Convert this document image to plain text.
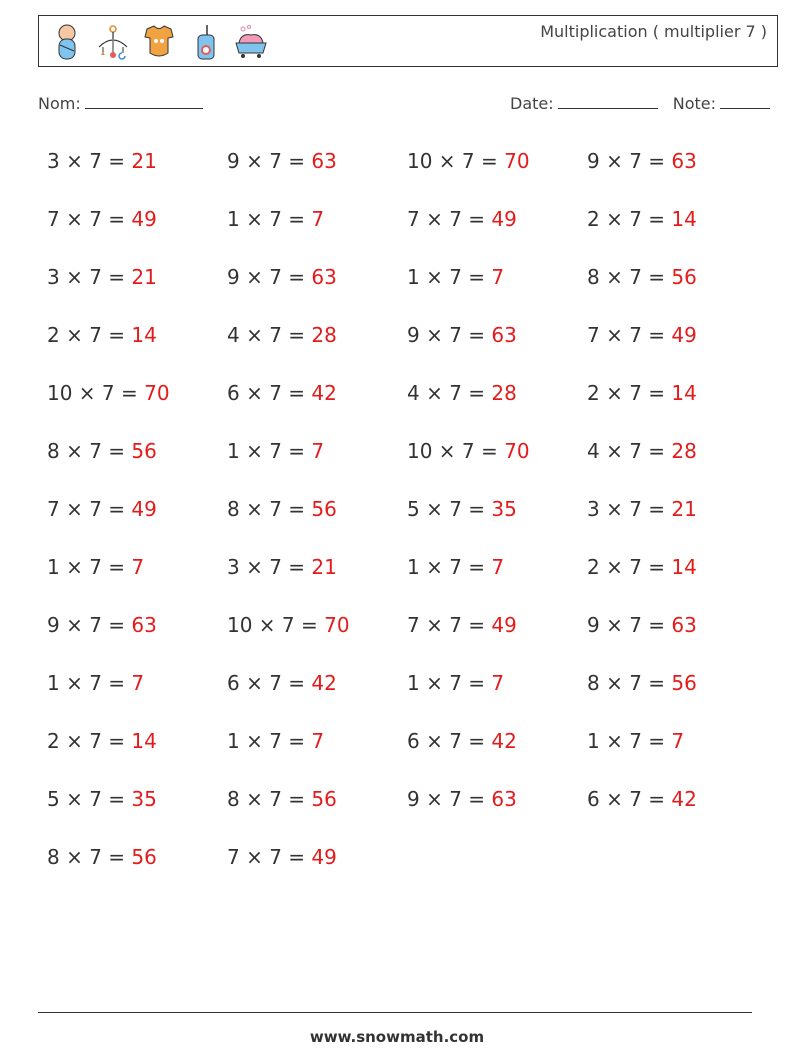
Multiplication ( multiplier 7 )
Nom:	Date:	Note:
3 × 7 = 21	9 × 7 = 63	10 × 7 = 70	9 × 7 = 63
7 × 7 = 49	1 × 7 = 7	7 × 7 = 49	2 × 7 = 14
3 × 7 = 21	9 × 7 = 63	1 × 7 = 7	8 × 7 = 56
2 × 7 = 14	4 × 7 = 28	9 × 7 = 63	7 × 7 = 49
10 × 7 = 70	6 × 7 = 42	4 × 7 = 28	2 × 7 = 14
8 × 7 = 56	1 × 7 = 7	10 × 7 = 70	4 × 7 = 28
7 × 7 = 49	8 × 7 = 56	5 × 7 = 35	3 × 7 = 21
1 × 7 = 7	3 × 7 = 21	1 × 7 = 7	2 × 7 = 14
9 × 7 = 63	10 × 7 = 70	7 × 7 = 49	9 × 7 = 63
1 × 7 = 7	6 × 7 = 42	1 × 7 = 7	8 × 7 = 56
2 × 7 = 14	1 × 7 = 7	6 × 7 = 42	1 × 7 = 7
5 × 7 = 35	8 × 7 = 56	9 × 7 = 63	6 × 7 = 42
8 × 7 = 56	7 × 7 = 49
www.snowmath.com
